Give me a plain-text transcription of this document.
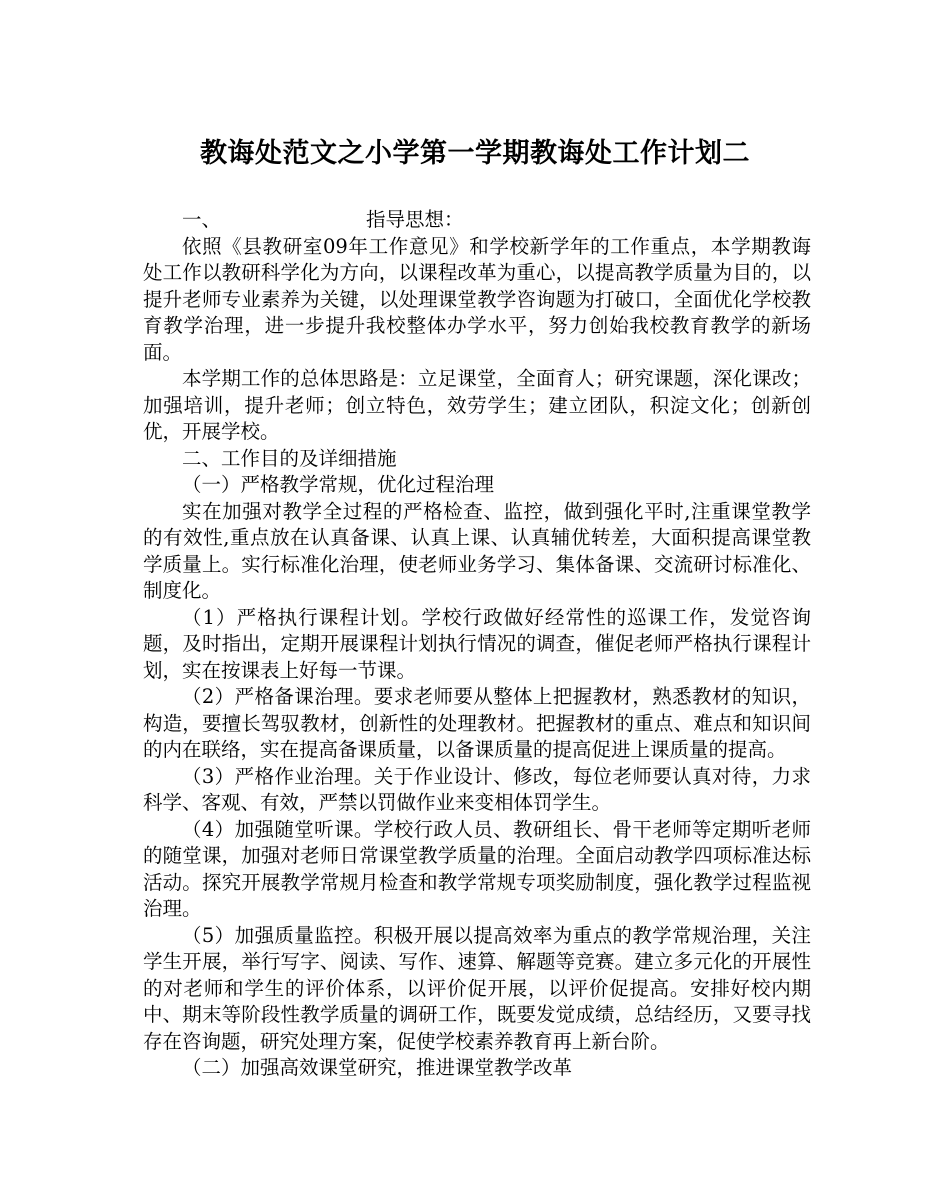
教诲处范文之小学第一学期教诲处工作计划二

一、	指导思想：

依照《县教研室09年工作意见》和学校新学年的工作重点，本学期教诲处工作以教研科学化为方向，以课程改革为重心，以提高教学质量为目的，以提升老师专业素养为关键，以处理课堂教学咨询题为打破口，全面优化学校教育教学治理，进一步提升我校整体办学水平，努力创始我校教育教学的新场面。

本学期工作的总体思路是：立足课堂，全面育人；研究课题，深化课改；加强培训，提升老师；创立特色，效劳学生；建立团队，积淀文化；创新创优，开展学校。

二、工作目的及详细措施

（一）严格教学常规，优化过程治理

实在加强对教学全过程的严格检查、监控，做到强化平时,注重课堂教学的有效性,重点放在认真备课、认真上课、认真辅优转差，大面积提高课堂教学质量上。实行标准化治理，使老师业务学习、集体备课、交流研讨标准化、制度化。

（1）严格执行课程计划。学校行政做好经常性的巡课工作，发觉咨询题，及时指出，定期开展课程计划执行情况的调查，催促老师严格执行课程计划，实在按课表上好每一节课。

（2）严格备课治理。要求老师要从整体上把握教材，熟悉教材的知识，构造，要擅长驾驭教材，创新性的处理教材。把握教材的重点、难点和知识间的内在联络，实在提高备课质量，以备课质量的提高促进上课质量的提高。

（3）严格作业治理。关于作业设计、修改，每位老师要认真对待，力求科学、客观、有效，严禁以罚做作业来变相体罚学生。

（4）加强随堂听课。学校行政人员、教研组长、骨干老师等定期听老师的随堂课，加强对老师日常课堂教学质量的治理。全面启动教学四项标准达标活动。探究开展教学常规月检查和教学常规专项奖励制度，强化教学过程监视治理。

（5）加强质量监控。积极开展以提高效率为重点的教学常规治理，关注学生开展，举行写字、阅读、写作、速算、解题等竞赛。建立多元化的开展性的对老师和学生的评价体系，以评价促开展，以评价促提高。安排好校内期中、期末等阶段性教学质量的调研工作，既要发觉成绩，总结经历，又要寻找存在咨询题，研究处理方案，促使学校素养教育再上新台阶。

（二）加强高效课堂研究，推进课堂教学改革
